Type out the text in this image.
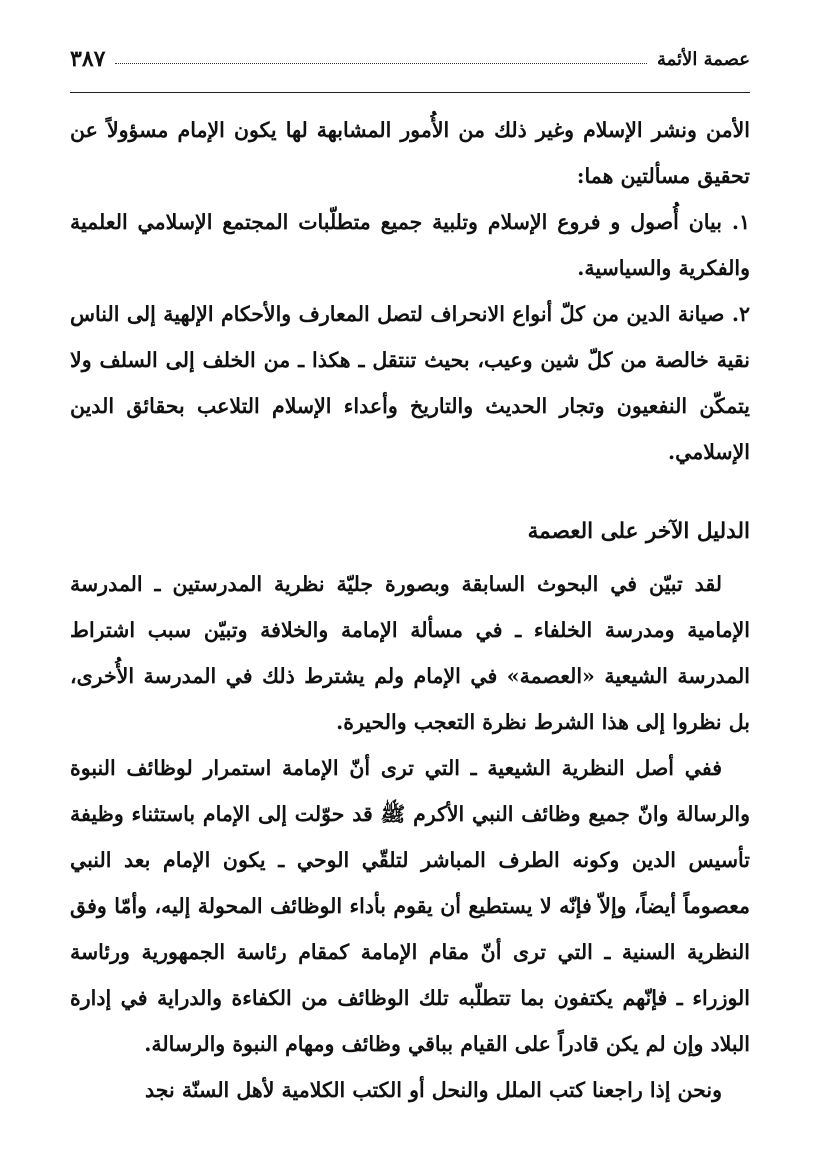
عصمة الأئمة
٣٨٧

الأمن ونشر الإسلام وغير ذلك من الأُمور المشابهة لها يكون الإمام مسؤولاً عن تحقيق مسألتين هما:

١. بيان أُصول و فروع الإسلام وتلبية جميع متطلّبات المجتمع الإسلامي العلمية والفكرية والسياسية.

٢. صيانة الدين من كلّ أنواع الانحراف لتصل المعارف والأحكام الإلهية إلى الناس نقية خالصة من كلّ شين وعيب، بحيث تنتقل ـ هكذا ـ من الخلف إلى السلف ولا يتمكّن النفعيون وتجار الحديث والتاريخ وأعداء الإسلام التلاعب بحقائق الدين الإسلامي.

الدليل الآخر على العصمة

لقد تبيّن في البحوث السابقة وبصورة جليّة نظرية المدرستين ـ المدرسة الإمامية ومدرسة الخلفاء ـ في مسألة الإمامة والخلافة وتبيّن سبب اشتراط المدرسة الشيعية «العصمة» في الإمام ولم يشترط ذلك في المدرسة الأُخرى، بل نظروا إلى هذا الشرط نظرة التعجب والحيرة.

ففي أصل النظرية الشيعية ـ التي ترى أنّ الإمامة استمرار لوظائف النبوة والرسالة وانّ جميع وظائف النبي الأكرم ﷺ قد حوّلت إلى الإمام باستثناء وظيفة تأسيس الدين وكونه الطرف المباشر لتلقّي الوحي ـ يكون الإمام بعد النبي معصوماً أيضاً، وإلاّ فإنّه لا يستطيع أن يقوم بأداء الوظائف المحولة إليه، وأمّا وفق النظرية السنية ـ التي ترى أنّ مقام الإمامة كمقام رئاسة الجمهورية ورئاسة الوزراء ـ فإنّهم يكتفون بما تتطلّبه تلك الوظائف من الكفاءة والدراية في إدارة البلاد وإن لم يكن قادراً على القيام بباقي وظائف ومهام النبوة والرسالة.

ونحن إذا راجعنا كتب الملل والنحل أو الكتب الكلامية لأهل السنّة نجد
